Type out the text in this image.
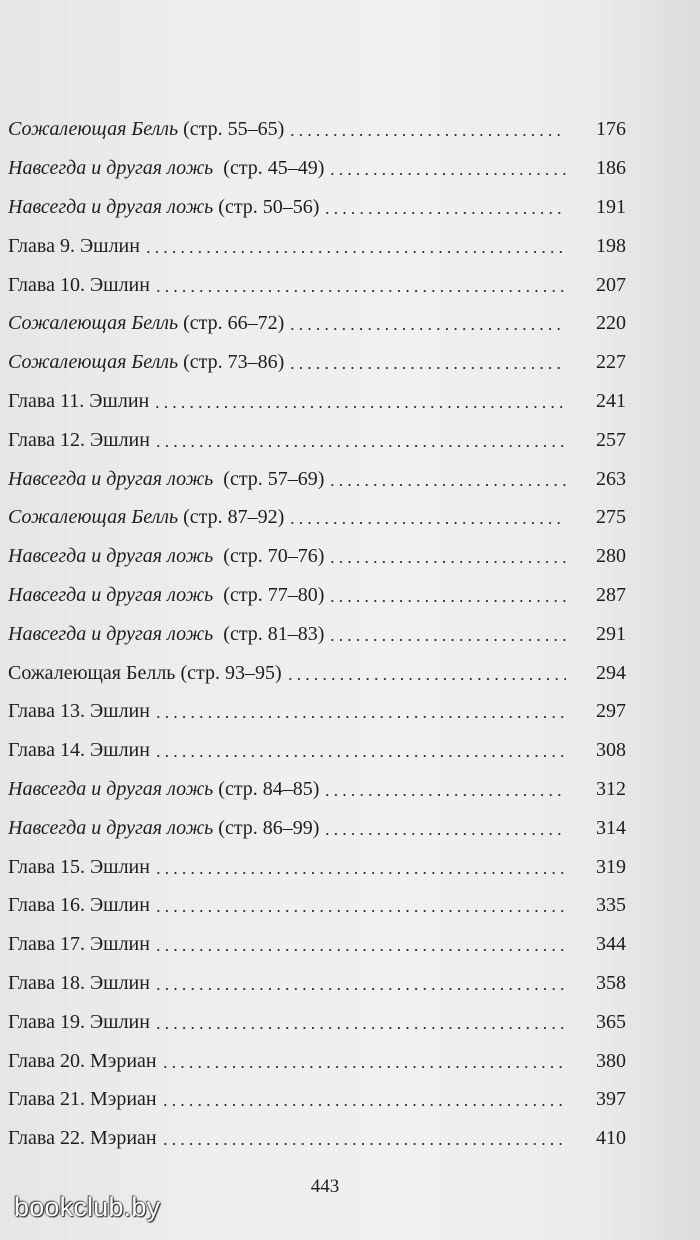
Сожалеющая Белль (стр. 55–65)	176
Навсегда и другая ложь  (стр. 45–49)	186
Навсегда и другая ложь (стр. 50–56)	191
Глава 9. Эшлин	198
Глава 10. Эшлин	207
Сожалеющая Белль (стр. 66–72)	220
Сожалеющая Белль (стр. 73–86)	227
Глава 11. Эшлин	241
Глава 12. Эшлин	257
Навсегда и другая ложь  (стр. 57–69)	263
Сожалеющая Белль (стр. 87–92)	275
Навсегда и другая ложь  (стр. 70–76)	280
Навсегда и другая ложь  (стр. 77–80)	287
Навсегда и другая ложь  (стр. 81–83)	291
Сожалеющая Белль (стр. 93–95)	294
Глава 13. Эшлин	297
Глава 14. Эшлин	308
Навсегда и другая ложь (стр. 84–85)	312
Навсегда и другая ложь (стр. 86–99)	314
Глава 15. Эшлин	319
Глава 16. Эшлин	335
Глава 17. Эшлин	344
Глава 18. Эшлин	358
Глава 19. Эшлин	365
Глава 20. Мэриан	380
Глава 21. Мэриан	397
Глава 22. Мэриан	410
443
bookclub.by
